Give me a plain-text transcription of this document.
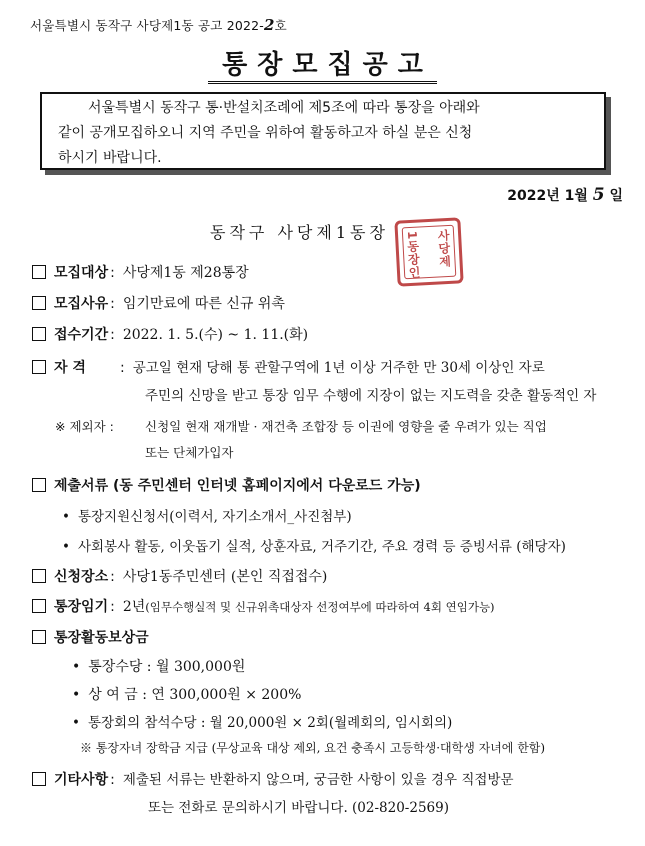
서울특별시 동작구 사당제1동 공고 2022-2호
통장모집공고
서울특별시 동작구 통·반설치조례에 제5조에 따라 통장을 아래와
같이 공개모집하오니 지역 주민을 위하여 활동하고자 하실 분은 신청
하시기 바랍니다.
2022년 1월 5 일
동작구 사당제1동장	사당제
1동장인
모집대상 : 사당제1동 제28통장
모집사유 : 임기만료에 따른 신규 위촉
접수기간 : 2022. 1. 5.(수) ~ 1. 11.(화)
자 격 : 공고일 현재 당해 통 관할구역에 1년 이상 거주한 만 30세 이상인 자로
주민의 신망을 받고 통장 임무 수행에 지장이 없는 지도력을 갖춘 활동적인 자
※ 제외자 : 신청일 현재 재개발 · 재건축 조합장 등 이권에 영향을 줄 우려가 있는 직업
또는 단체가입자
제출서류 (동 주민센터 인터넷 홈페이지에서 다운로드 가능)
• 통장지원신청서(이력서, 자기소개서_사진첨부)
• 사회봉사 활동, 이웃돕기 실적, 상훈자료, 거주기간, 주요 경력 등 증빙서류 (해당자)
신청장소 : 사당1동주민센터 (본인 직접접수)
통장임기 : 2년(임무수행실적 및 신규위촉대상자 선정여부에 따라하여 4회 연임가능)
통장활동보상금
• 통장수당 : 월 300,000원
• 상 여 금 : 연 300,000원 × 200%
• 통장회의 참석수당 : 월 20,000원 × 2회(월례회의, 임시회의)
※ 통장자녀 장학금 지급 (무상교육 대상 제외, 요건 충족시 고등학생·대학생 자녀에 한함)
기타사항 : 제출된 서류는 반환하지 않으며, 궁금한 사항이 있을 경우 직접방문
또는 전화로 문의하시기 바랍니다. (02-820-2569)
